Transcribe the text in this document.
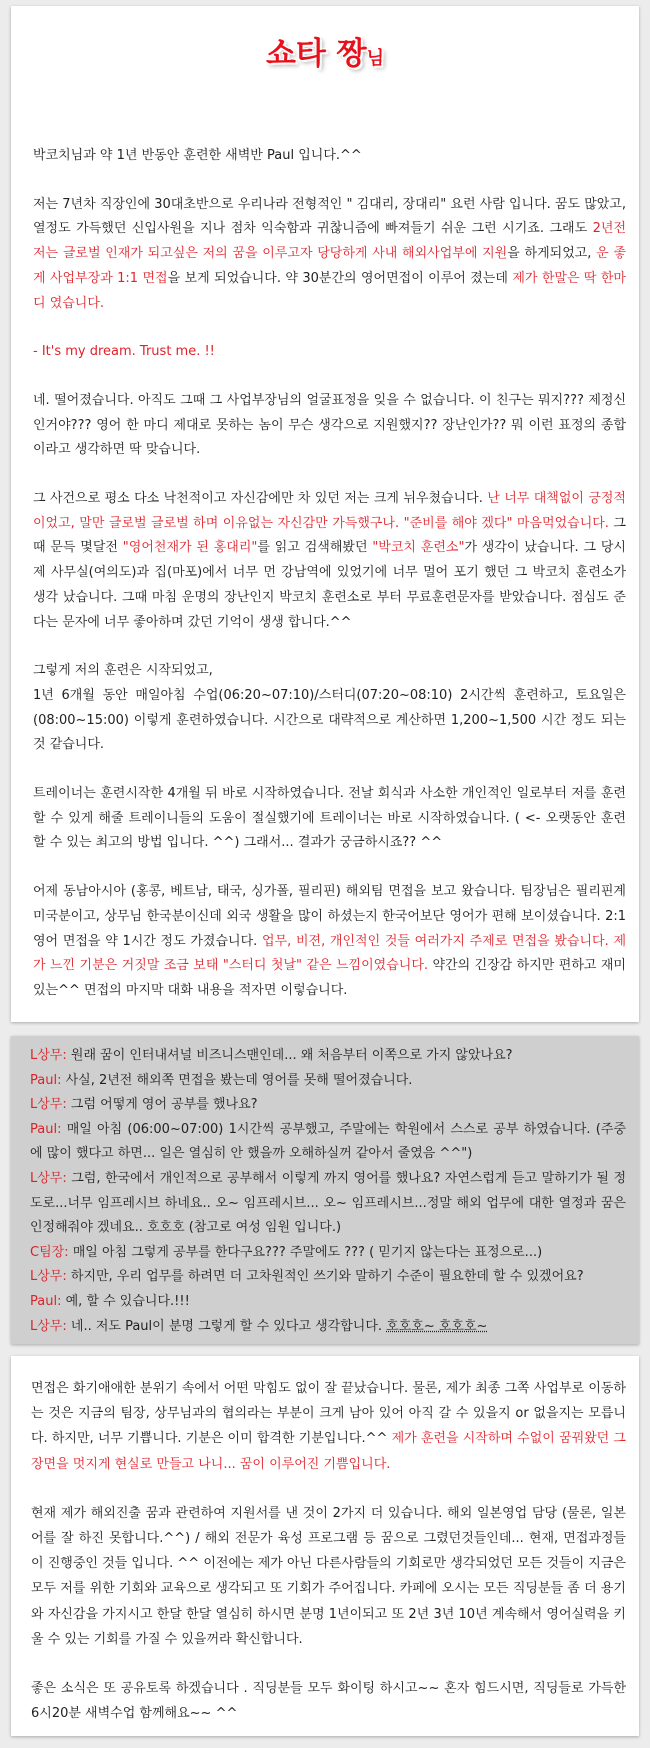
쇼타 짱님

박코치님과 약 1년 반동안 훈련한 새벽반 Paul 입니다.^^

저는 7년차 직장인에 30대초반으로 우리나라 전형적인 " 김대리, 장대리" 요런 사람 입니다. 꿈도 많았고, 열정도 가득했던 신입사원을 지나 점차 익숙함과 귀찮니즘에 빠져들기 쉬운 그런 시기죠. 그래도 2년전 저는 글로벌 인재가 되고싶은 저의 꿈을 이루고자 당당하게 사내 해외사업부에 지원을 하게되었고, 운 좋게 사업부장과 1:1 면접을 보게 되었습니다. 약 30분간의 영어면접이 이루어 졌는데 제가 한말은 딱 한마디 였습니다.

- It's my dream. Trust me. !!

네. 떨어졌습니다. 아직도 그때 그 사업부장님의 얼굴표정을 잊을 수 없습니다. 이 친구는 뭐지??? 제정신인거야??? 영어 한 마디 제대로 못하는 놈이 무슨 생각으로 지원했지?? 장난인가?? 뭐 이런 표정의 종합이라고 생각하면 딱 맞습니다.

그 사건으로 평소 다소 낙천적이고 자신감에만 차 있던 저는 크게 뉘우쳤습니다. 난 너무 대책없이 긍정적이었고, 말만 글로벌 글로벌 하며 이유없는 자신감만 가득했구나. "준비를 해야 겠다" 마음먹었습니다. 그때 문득 몇달전 "영어천재가 된 홍대리"를 읽고 검색해봤던 "박코치 훈련소"가 생각이 났습니다. 그 당시 제 사무실(여의도)과 집(마포)에서 너무 먼 강남역에 있었기에 너무 멀어 포기 했던 그 박코치 훈련소가 생각 났습니다. 그때 마침 운명의 장난인지 박코치 훈련소로 부터 무료훈련문자를 받았습니다. 점심도 준다는 문자에 너무 좋아하며 갔던 기억이 생생 합니다.^^

그렇게 저의 훈련은 시작되었고,

1년 6개월 동안 매일아침 수업(06:20~07:10)/스터디(07:20~08:10) 2시간씩 훈련하고, 토요일은(08:00~15:00) 이렇게 훈련하였습니다. 시간으로 대략적으로 계산하면 1,200~1,500 시간 정도 되는것 같습니다.

트레이너는 훈련시작한 4개월 뒤 바로 시작하였습니다. 전날 회식과 사소한 개인적인 일로부터 저를 훈련할 수 있게 해줄 트레이니들의 도움이 절실했기에 트레이너는 바로 시작하였습니다. ( <- 오랫동안 훈련할 수 있는 최고의 방법 입니다. ^^) 그래서... 결과가 궁금하시죠?? ^^

어제 동남아시아 (홍콩, 베트남, 태국, 싱가폴, 필리핀) 해외팀 면접을 보고 왔습니다. 팀장님은 필리핀계 미국분이고, 상무님 한국분이신데 외국 생활을 많이 하셨는지 한국어보단 영어가 편해 보이셨습니다. 2:1 영어 면접을 약 1시간 정도 가졌습니다. 업무, 비젼, 개인적인 것들 여러가지 주제로 면접을 봤습니다. 제가 느낀 기분은 거짓말 조금 보태 "스터디 첫날" 같은 느낌이였습니다. 약간의 긴장감 하지만 편하고 재미 있는^^ 면접의 마지막 대화 내용을 적자면 이렇습니다.

L상무: 원래 꿈이 인터내셔널 비즈니스맨인데... 왜 처음부터 이쪽으로 가지 않았나요?

Paul: 사실, 2년전 해외쪽 면접을 봤는데 영어를 못해 떨어졌습니다.

L상무: 그럼 어떻게 영어 공부를 했나요?

Paul: 매일 아침 (06:00~07:00) 1시간씩 공부했고, 주말에는 학원에서 스스로 공부 하였습니다. (주중에 많이 했다고 하면... 일은 열심히 안 했을까 오해하실꺼 같아서 줄였음 ^^")

L상무: 그럼, 한국에서 개인적으로 공부해서 이렇게 까지 영어를 했나요? 자연스럽게 듣고 말하기가 될 정도로...너무 임프레시브 하네요.. 오~ 임프레시브... 오~ 임프레시브...정말 해외 업무에 대한 열정과 꿈은 인정해줘야 겠네요.. 호호호 (참고로 여성 임원 입니다.)

C팀장: 매일 아침 그렇게 공부를 한다구요??? 주말에도 ??? ( 믿기지 않는다는 표정으로...)

L상무: 하지만, 우리 업무를 하려면 더 고차원적인 쓰기와 말하기 수준이 필요한데 할 수 있겠어요?

Paul: 예, 할 수 있습니다.!!!

L상무: 네.. 저도 Paul이 분명 그렇게 할 수 있다고 생각합니다. 호호호~ 호호호~

면접은 화기애애한 분위기 속에서 어떤 막힘도 없이 잘 끝났습니다. 물론, 제가 최종 그쪽 사업부로 이동하는 것은 지금의 팀장, 상무님과의 협의라는 부분이 크게 남아 있어 아직 갈 수 있을지 or 없을지는 모릅니다. 하지만, 너무 기쁩니다. 기분은 이미 합격한 기분입니다.^^ 제가 훈련을 시작하며 수없이 꿈꿔왔던 그 장면을 멋지게 현실로 만들고 나니... 꿈이 이루어진 기쁨입니다.

현재 제가 해외진출 꿈과 관련하여 지원서를 낸 것이 2가지 더 있습니다. 해외 일본영업 담당 (물론, 일본어를 잘 하진 못합니다.^^) / 해외 전문가 육성 프로그램 등 꿈으로 그렸던것들인데... 현재, 면접과정들이 진행중인 것들 입니다. ^^ 이전에는 제가 아닌 다른사람들의 기회로만 생각되었던 모든 것들이 지금은 모두 저를 위한 기회와 교육으로 생각되고 또 기회가 주어집니다. 카페에 오시는 모든 직딩분들 좀 더 용기와 자신감을 가지시고 한달 한달 열심히 하시면 분명 1년이되고 또 2년 3년 10년 계속해서 영어실력을 키울 수 있는 기회를 가질 수 있을꺼라 확신합니다.

좋은 소식은 또 공유토록 하겠습니다 . 직딩분들 모두 화이팅 하시고~~ 혼자 힘드시면, 직딩들로 가득한 6시20분 새벽수업 함께해요~~ ^^
